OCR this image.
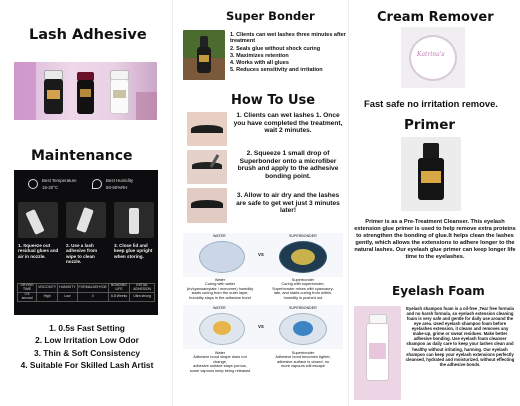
Lash Adhesive
Maintenance
Best Temperature
15-20°C
Best Humidity
50-60%RH
1. Squeeze out residual glues and air in nozzle.
2. Use a lash adhesive from wipe to clean nozzle.
3. Close lid and keep glue upright when storing.
DRYING TIME	VISCOSITY	HUMIDITY	FORMALDEHYDE	BONDING LIFE	INITIAL ADHESION
0.5 second	High	Low	0	6-8 Weeks	Ultra strong
1. 0.5s Fast Setting
2. Low Irritation Low Odor
3. Thin & Soft Consistency
4. Suitable For Skilled Lash Artist
Super Bonder
1. Clients can wet lashes three minutes after treatment
2. Seals glue without shock curing
3. Maximizes retention
4. Works with all glues
5. Reduces sensitivity and irritation
How To Use
1. Clients can wet lashes 1. Once you have completed the treatment, wait 2 minutes.
2. Squeeze 1 small drop of Superbonder onto a microfiber brush and apply to the adhesive bonding point.
3. Allow to air dry and the lashes are safe to get wet just 3 minutes later!
WATER	SUPERBONDER
VS
Water
Curing with water
(rh/cyanoacrylate / monomer) humidity
starts curing from the outer layer,
humidity stays in the adhesive bond
Superbonder
Curing with superbonder,
Superbonder mixes with cyanoacry-
late, and starts curing from within,
humidity is pushed out
WATER	SUPERBONDER
VS
Water
Adhesive bond shape does not
change,
adhesive surface stays porous,
some vapours keep being released
Superbonder
Adhesive bond becomes tighter,
adhesive surface is closed, no
more vapours will escape
Cream Remover
Katrina's
Fast safe no irritation remove.
Primer
Primer is as a Pre-Treatment Cleanser. This eyelash extension glue primer is used to help remove extra proteins to strengthen the bonding of glue.It helps clean the lashes gently, which allows the extensions to adhere longer to the natural lashes. Our eyelash glue primer can keep longer life time to the eyelashes.
Eyelash Foam
Eyelash shampoo foam is a oil-free ,Tear free formula and no harsh formula, so eyelash extension cleaning foam is very safe and gentle for daily use around the eye area. Used eyelash shampoo foam before eyelashes extension, it cleans and removes any make-up, grime or sweat residues. Make better adhesive bonding. Use eyelash foam cleanser shampoo as daily care to keep your lashes clean and healthy without irritating, harming. Our eyelash shampoo can keep your eyelash extensions perfectly cleansed, hydrated and moisturized, without effecting the adhesive bonds.
